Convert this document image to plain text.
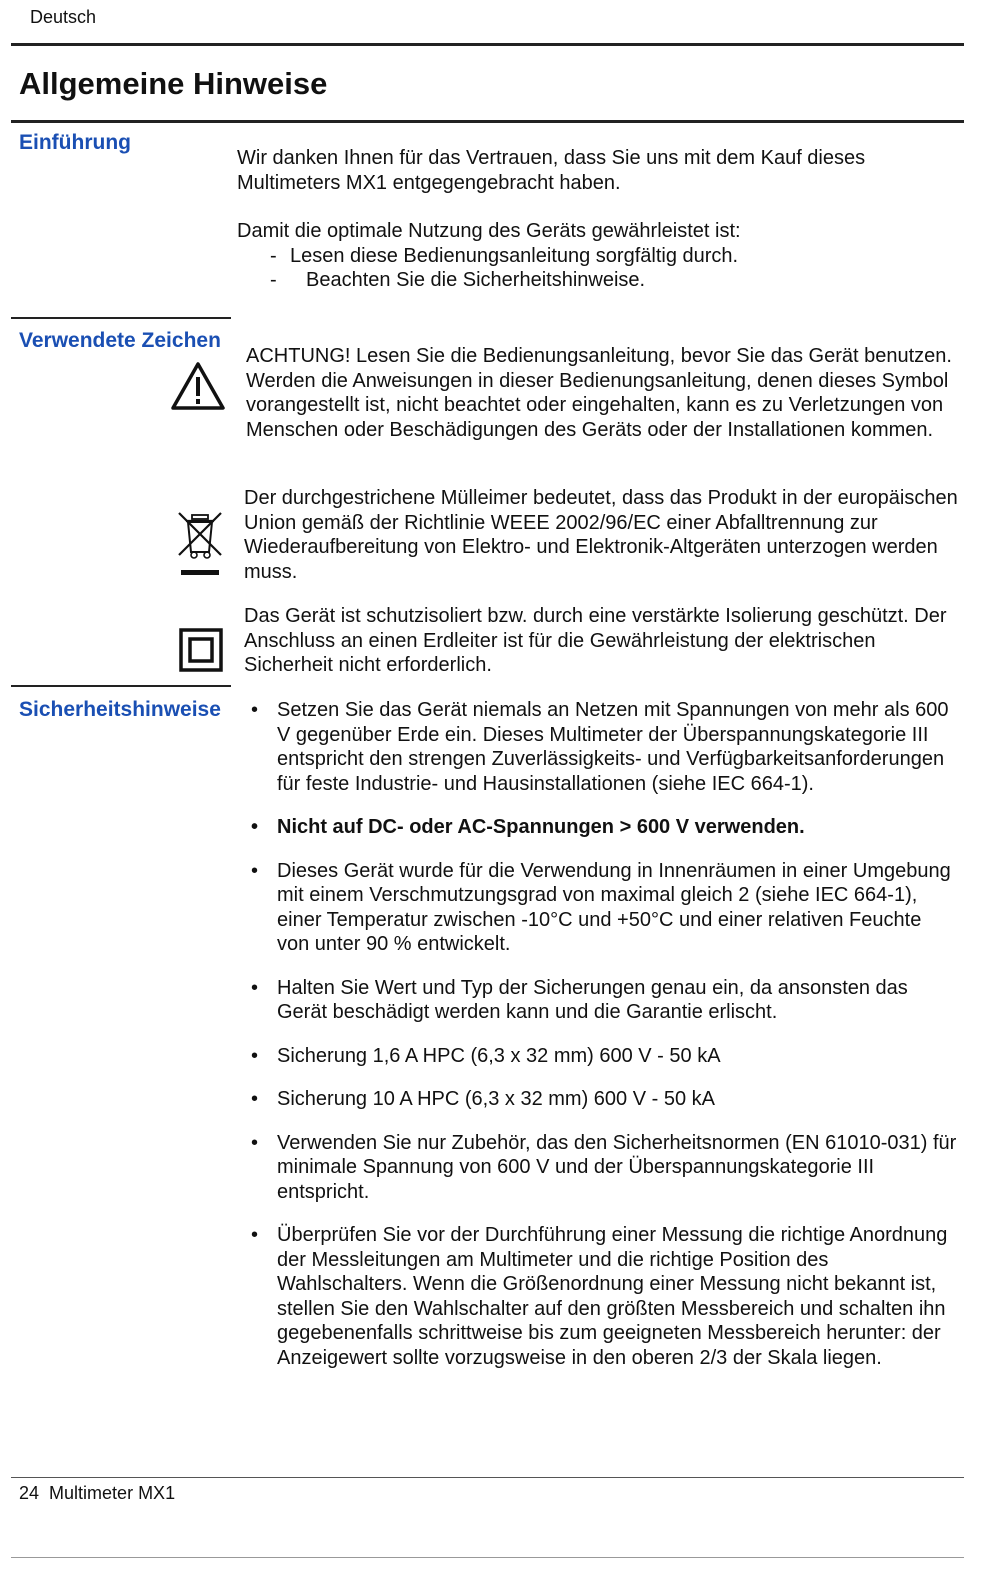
Deutsch
Allgemeine Hinweise
Einführung

Wir danken Ihnen für das Vertrauen, dass Sie uns mit dem Kauf dieses Multimeters MX1 entgegengebracht haben.

Damit die optimale Nutzung des Geräts gewährleistet ist:

- Lesen diese Bedienungsanleitung sorgfältig durch.
- Beachten Sie die Sicherheitshinweise.
Verwendete Zeichen
ACHTUNG! Lesen Sie die Bedienungsanleitung, bevor Sie das Gerät benutzen. Werden die Anweisungen in dieser Bedienungsanleitung, denen dieses Symbol vorangestellt ist, nicht beachtet oder eingehalten, kann es zu Verletzungen von Menschen oder Beschädigungen des Geräts oder der Installationen kommen.
Der durchgestrichene Mülleimer bedeutet, dass das Produkt in der europäischen Union gemäß der Richtlinie WEEE 2002/96/EC einer Abfalltrennung zur Wiederaufbereitung von Elektro- und Elektronik-Altgeräten unterzogen werden muss.
Das Gerät ist schutzisoliert bzw. durch eine verstärkte Isolierung geschützt. Der Anschluss an einen Erdleiter ist für die Gewährleistung der elektrischen Sicherheit nicht erforderlich.
Sicherheitshinweise
•	Setzen Sie das Gerät niemals an Netzen mit Spannungen von mehr als 600 V gegenüber Erde ein. Dieses Multimeter der Überspannungskategorie III entspricht den strengen Zuverlässigkeits- und Verfügbarkeitsanforderungen für feste Industrie- und Hausinstallationen (siehe IEC 664-1).
• Nicht auf DC- oder AC-Spannungen > 600 V verwenden.
• Dieses Gerät wurde für die Verwendung in Innenräumen in einer Umgebung mit einem Verschmutzungsgrad von maximal gleich 2 (siehe IEC 664-1), einer Temperatur zwischen -10°C und +50°C und einer relativen Feuchte von unter 90 % entwickelt.
• Halten Sie Wert und Typ der Sicherungen genau ein, da ansonsten das Gerät beschädigt werden kann und die Garantie erlischt.
• Sicherung 1,6 A HPC (6,3 x 32 mm) 600 V - 50 kA
• Sicherung 10 A HPC (6,3 x 32 mm) 600 V - 50 kA
• Verwenden Sie nur Zubehör, das den Sicherheitsnormen (EN 61010-031) für minimale Spannung von 600 V und der Überspannungskategorie III entspricht.
• Überprüfen Sie vor der Durchführung einer Messung die richtige Anordnung der Messleitungen am Multimeter und die richtige Position des Wahlschalters. Wenn die Größenordnung einer Messung nicht bekannt ist, stellen Sie den Wahlschalter auf den größten Messbereich und schalten ihn gegebenenfalls schrittweise bis zum geeigneten Messbereich herunter: der Anzeigewert sollte vorzugsweise in den oberen 2/3 der Skala liegen.
24 Multimeter MX1
